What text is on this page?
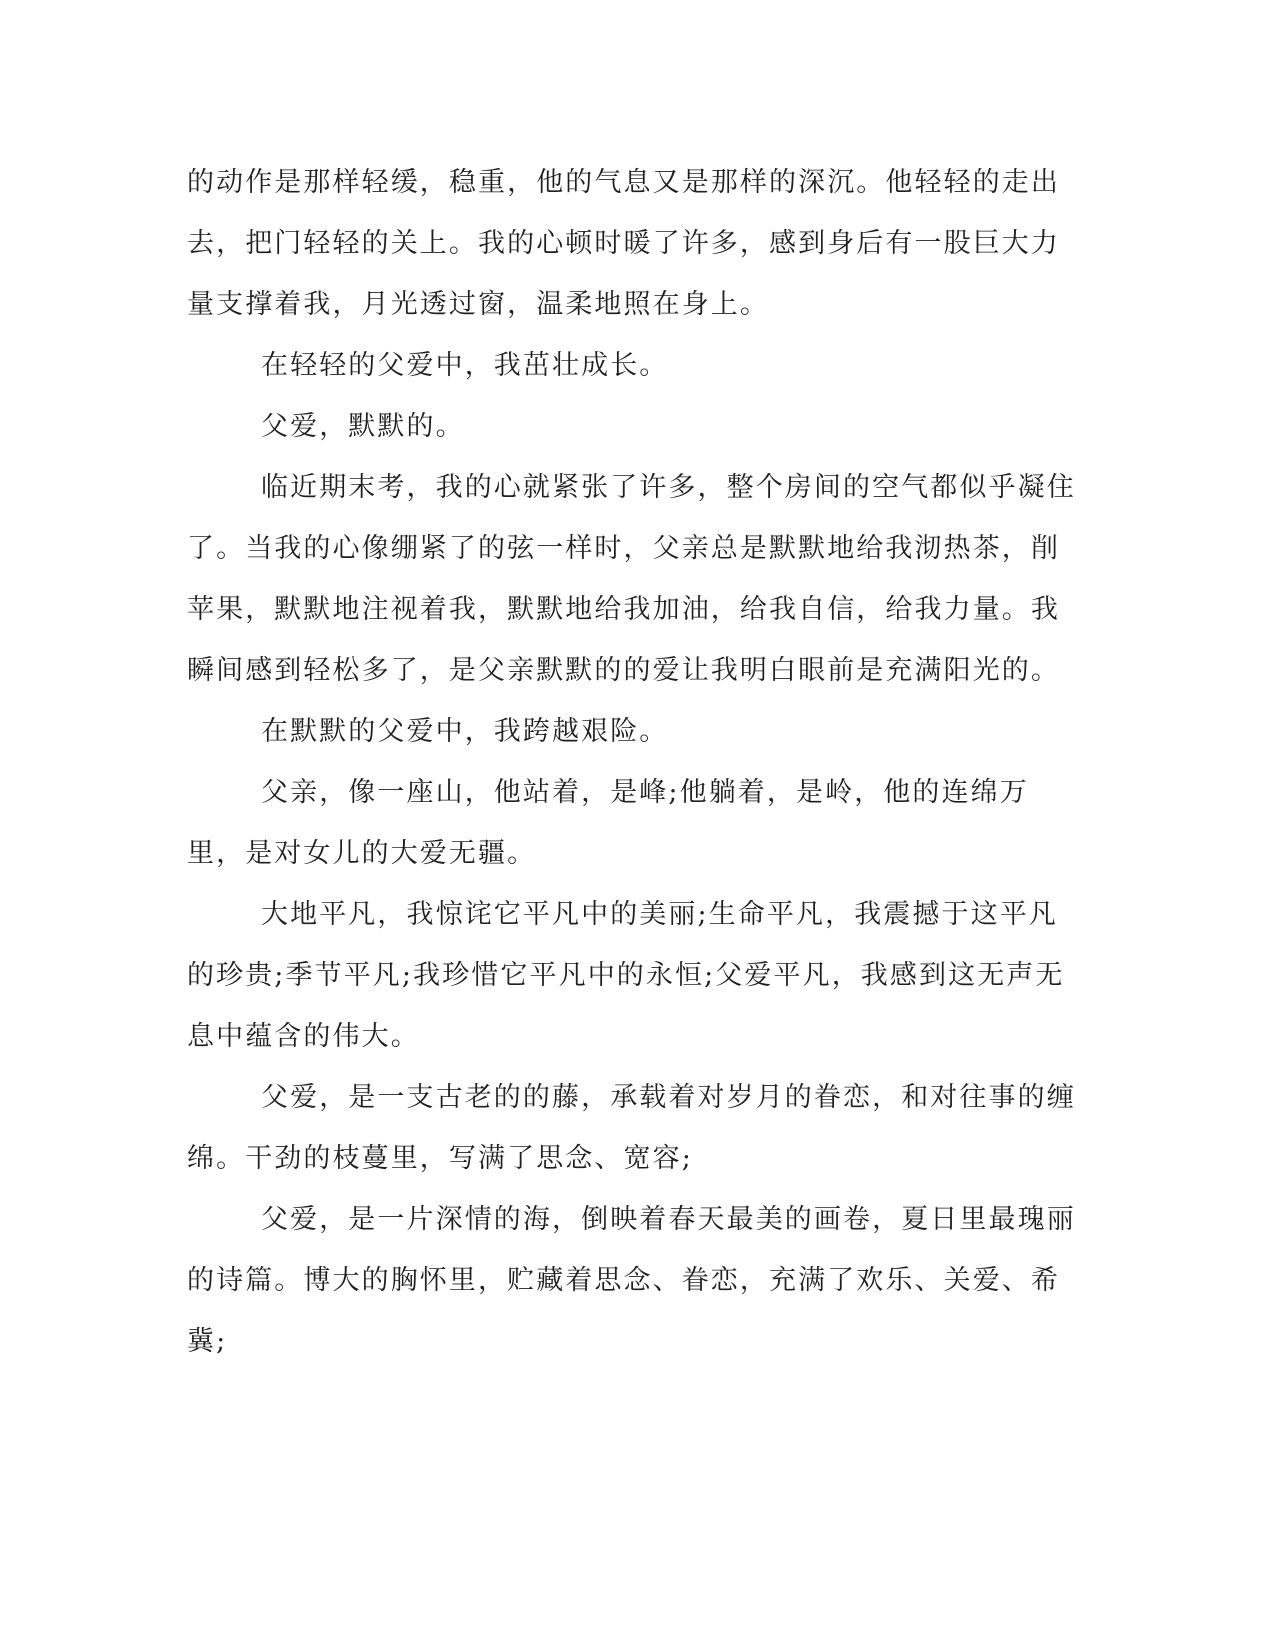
的动作是那样轻缓，稳重，他的气息又是那样的深沉。他轻轻的走出去，把门轻轻的关上。我的心顿时暖了许多，感到身后有一股巨大力量支撑着我，月光透过窗，温柔地照在身上。

在轻轻的父爱中，我茁壮成长。

父爱，默默的。

临近期末考，我的心就紧张了许多，整个房间的空气都似乎凝住了。当我的心像绷紧了的弦一样时，父亲总是默默地给我沏热茶，削苹果，默默地注视着我，默默地给我加油，给我自信，给我力量。我瞬间感到轻松多了，是父亲默默的的爱让我明白眼前是充满阳光的。

在默默的父爱中，我跨越艰险。

父亲，像一座山，他站着，是峰;他躺着，是岭，他的连绵万里，是对女儿的大爱无疆。

大地平凡，我惊诧它平凡中的美丽;生命平凡，我震撼于这平凡的珍贵;季节平凡;我珍惜它平凡中的永恒;父爱平凡，我感到这无声无息中蕴含的伟大。

父爱，是一支古老的的藤，承载着对岁月的眷恋，和对往事的缠绵。干劲的枝蔓里，写满了思念、宽容;

父爱，是一片深情的海，倒映着春天最美的画卷，夏日里最瑰丽的诗篇。博大的胸怀里，贮藏着思念、眷恋，充满了欢乐、关爱、希冀;
